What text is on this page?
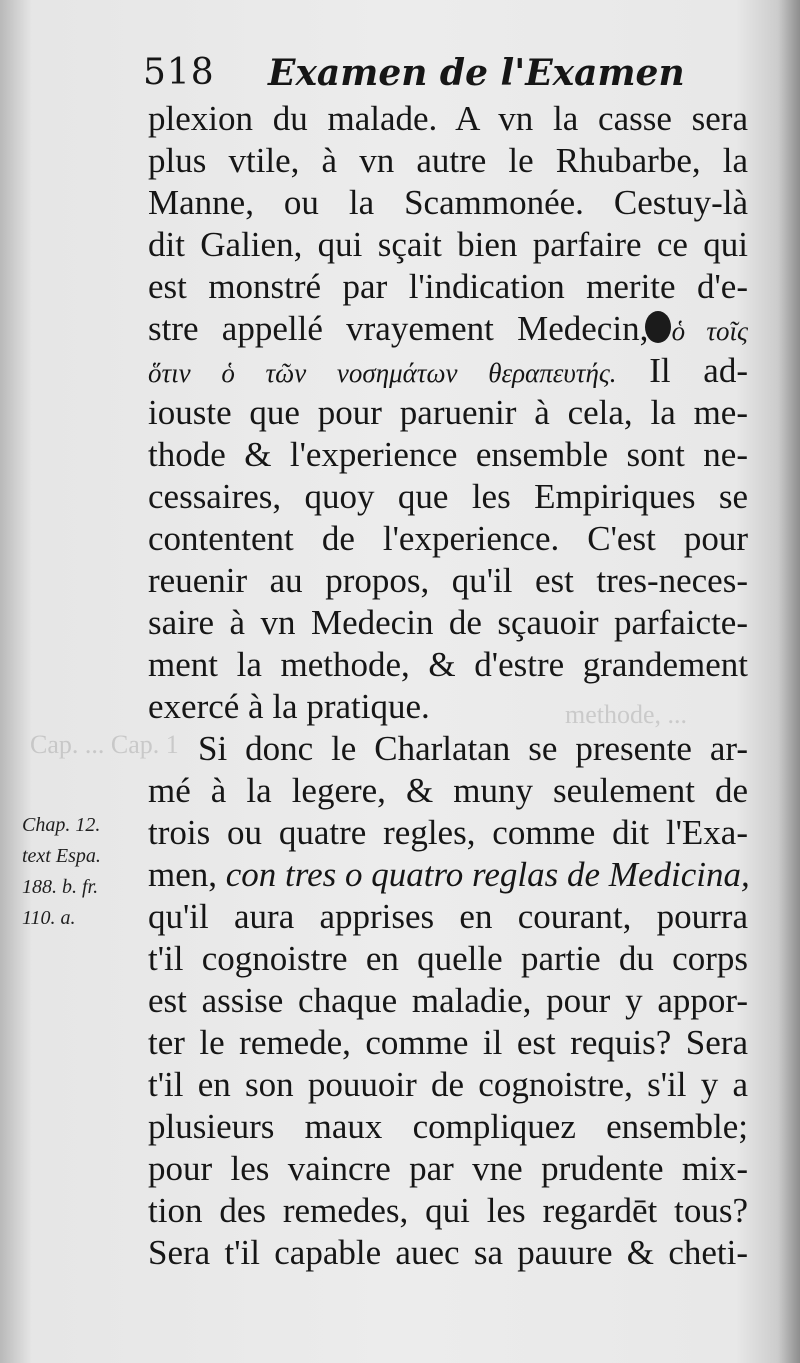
methode, ...
Cap. ... Cap. 1
518 Examen de l'Examen
plexion du malade. A vn la casse sera
plus vtile, à vn autre le Rhubarbe, la
Manne, ou la Scammonée. Cestuy-là
dit Galien, qui sçait bien parfaire ce qui
est monstré par l'indication merite d'e-
stre appellé vrayement Medecin, ὁ τοῖς
ὅτιν ὁ τῶν νοσημάτων θεραπευτής. Il ad-
iouste que pour paruenir à cela, la me-
thode & l'experience ensemble sont ne-
cessaires, quoy que les Empiriques se
contentent de l'experience. C'est pour
reuenir au propos, qu'il est tres-neces-
saire à vn Medecin de sçauoir parfaicte-
ment la methode, & d'estre grandement
exercé à la pratique.
Si donc le Charlatan se presente ar-
mé à la legere, & muny seulement de
trois ou quatre regles, comme dit l'Exa-
men, con tres o quatro reglas de Medicina,
qu'il aura apprises en courant, pourra
t'il cognoistre en quelle partie du corps
est assise chaque maladie, pour y appor-
ter le remede, comme il est requis? Sera
t'il en son pouuoir de cognoistre, s'il y a
plusieurs maux compliquez ensemble;
pour les vaincre par vne prudente mix-
tion des remedes, qui les regardēt tous?
Sera t'il capable auec sa pauure & cheti-
Chap. 12.
text Espa.
188. b. fr.
110. a.
